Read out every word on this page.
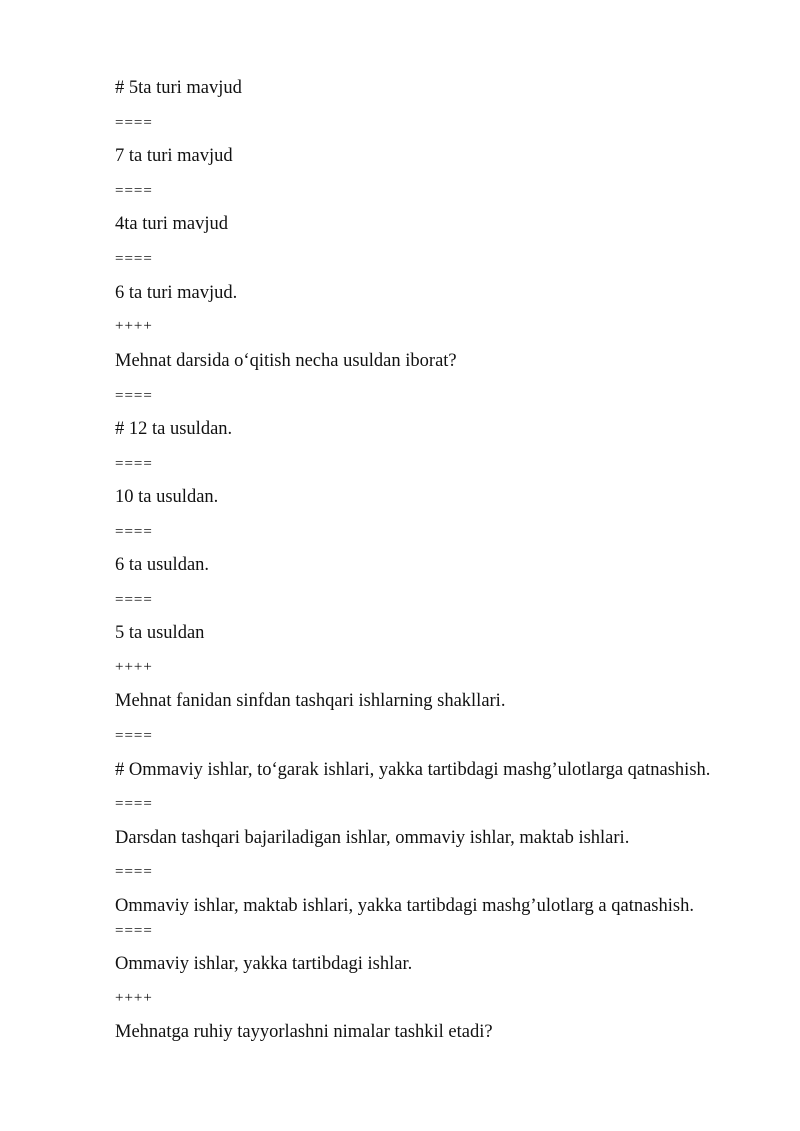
# 5ta turi mavjud
====
7 ta turi mavjud
====
4ta turi mavjud
====
6 ta turi mavjud.
++++
Mehnat darsida o‘qitish necha usuldan iborat?
====
# 12 ta usuldan.
====
10 ta usuldan.
====
6 ta usuldan.
====
5 ta usuldan
++++
Mehnat fanidan sinfdan tashqari ishlarning shakllari.
====
# Ommaviy ishlar, to‘garak ishlari, yakka tartibdagi mashg’ulotlarga qatnashish.
====
Darsdan tashqari bajariladigan ishlar, ommaviy ishlar, maktab ishlari.
====
Ommaviy ishlar, maktab ishlari, yakka tartibdagi mashg’ulotlarg a qatnashish.
====
Ommaviy ishlar, yakka tartibdagi ishlar.
++++
Mehnatga ruhiy tayyorlashni nimalar tashkil etadi?
